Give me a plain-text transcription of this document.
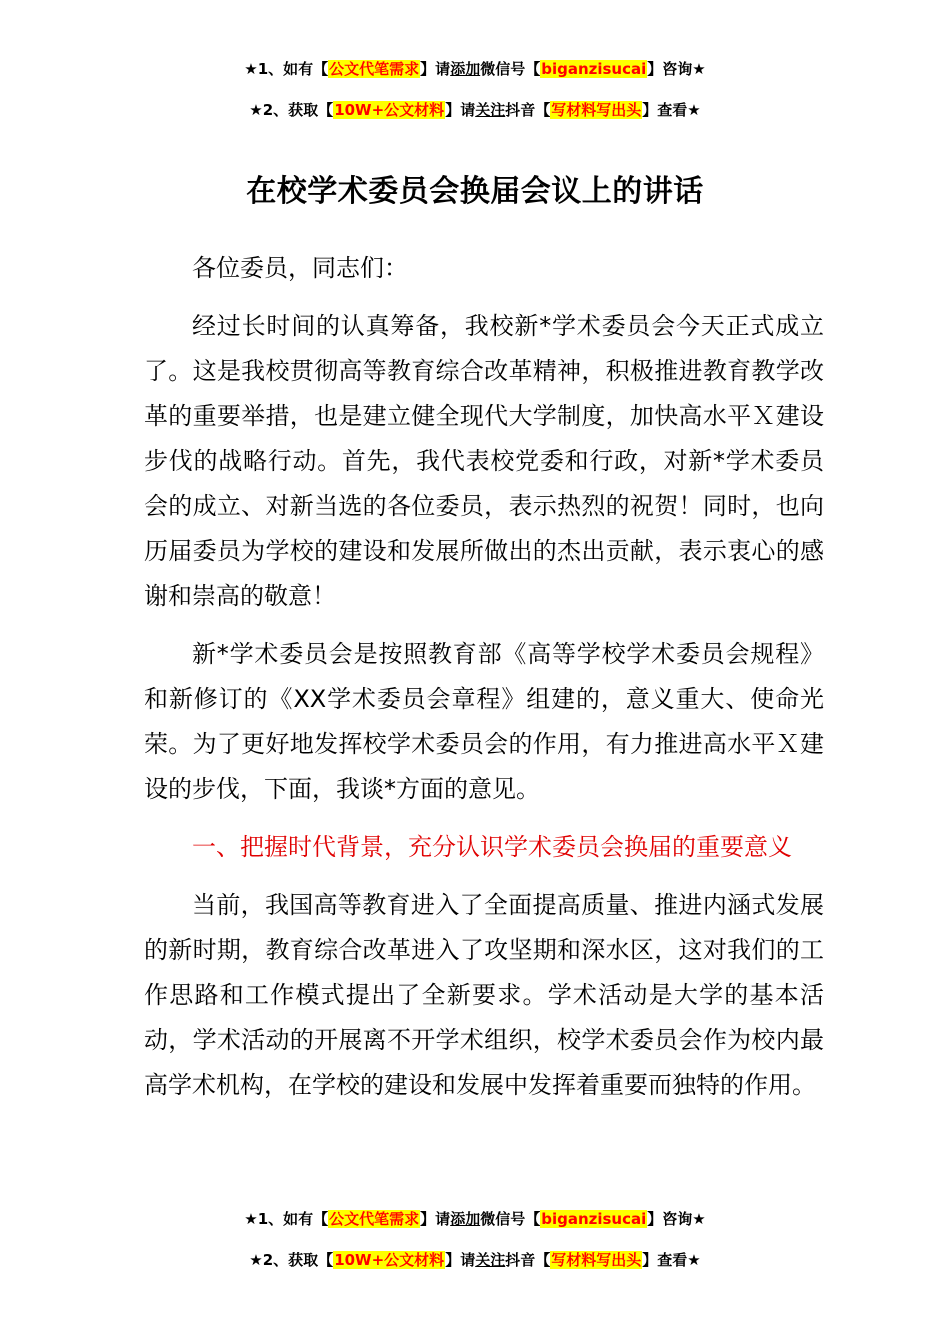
★1、如有【公文代笔需求】请添加微信号【biganzisucai】咨询★
★2、获取【10W+公文材料】请关注抖音【写材料写出头】查看★
在校学术委员会换届会议上的讲话

各位委员，同志们：

经过长时间的认真筹备，我校新*学术委员会今天正式成立了。这是我校贯彻高等教育综合改革精神，积极推进教育教学改革的重要举措，也是建立健全现代大学制度，加快高水平Ｘ建设步伐的战略行动。首先，我代表校党委和行政，对新*学术委员会的成立、对新当选的各位委员，表示热烈的祝贺！同时，也向历届委员为学校的建设和发展所做出的杰出贡献，表示衷心的感谢和崇高的敬意！

新*学术委员会是按照教育部《高等学校学术委员会规程》和新修订的《XX学术委员会章程》组建的，意义重大、使命光荣。为了更好地发挥校学术委员会的作用，有力推进高水平Ｘ建设的步伐，下面，我谈*方面的意见。

一、把握时代背景，充分认识学术委员会换届的重要意义

当前，我国高等教育进入了全面提高质量、推进内涵式发展的新时期，教育综合改革进入了攻坚期和深水区，这对我们的工作思路和工作模式提出了全新要求。学术活动是大学的基本活动，学术活动的开展离不开学术组织，校学术委员会作为校内最高学术机构，在学校的建设和发展中发挥着重要而独特的作用。

★1、如有【公文代笔需求】请添加微信号【biganzisucai】咨询★
★2、获取【10W+公文材料】请关注抖音【写材料写出头】查看★
